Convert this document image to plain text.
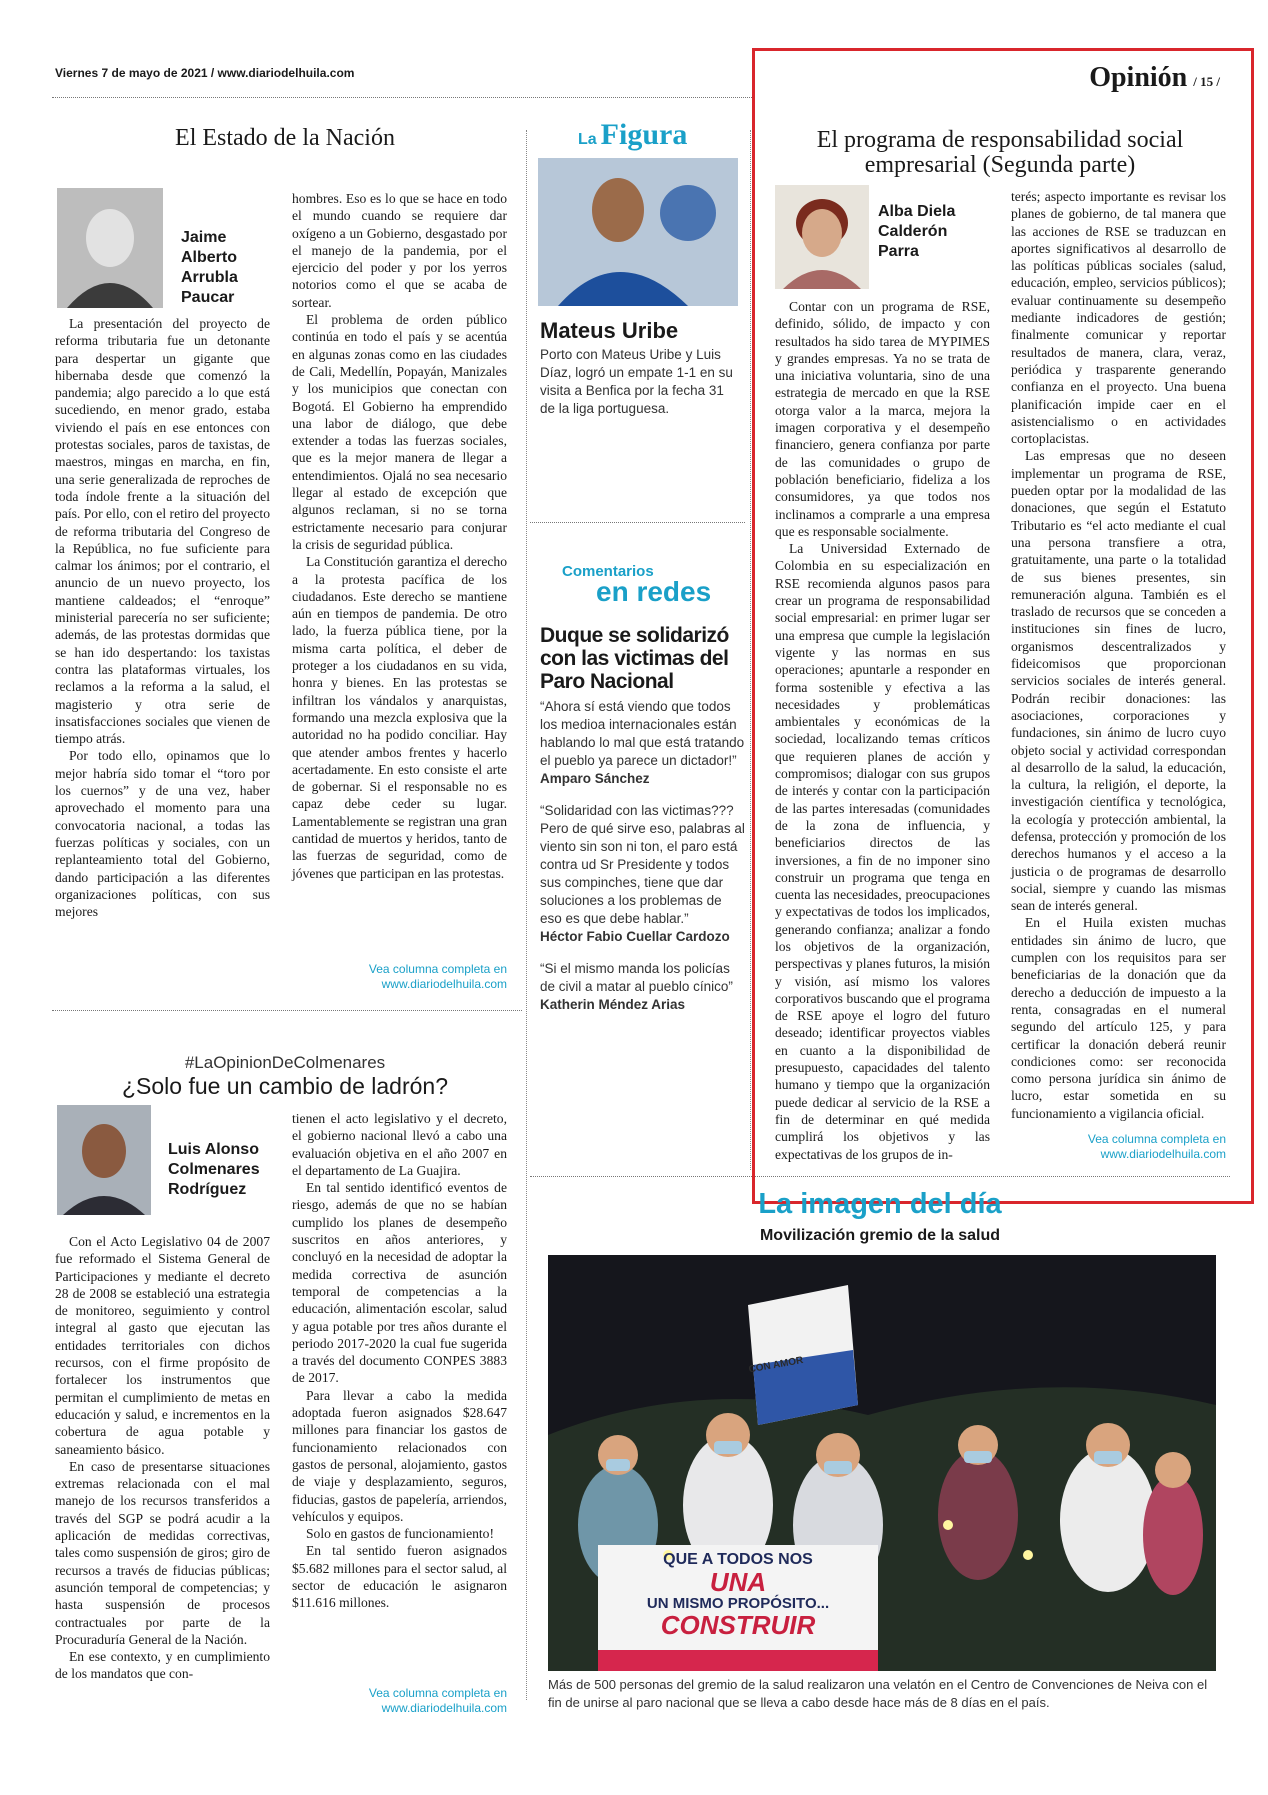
Viernes 7 de mayo de 2021 / www.diariodelhuila.com	Opinión / 15 /
El Estado de la Nación
Jaime
Alberto
Arrubla
Paucar

La presentación del proyecto de reforma tributaria fue un detonante para despertar un gigante que hibernaba desde que comenzó la pandemia; algo parecido a lo que está sucediendo, en menor grado, estaba viviendo el país en ese entonces con protestas sociales, paros de taxistas, de maestros, mingas en marcha, en fin, una serie generalizada de reproches de toda índole frente a la situación del país. Por ello, con el retiro del proyecto de reforma tributaria del Congreso de la República, no fue suficiente para calmar los ánimos; por el contrario, el anuncio de un nuevo proyecto, los mantiene caldeados; el “enroque” ministerial parecería no ser suficiente; además, de las protestas dormidas que se han ido despertando: los taxistas contra las plataformas virtuales, los reclamos a la reforma a la salud, el magisterio y otra serie de insatisfacciones sociales que vienen de tiempo atrás.

Por todo ello, opinamos que lo mejor habría sido tomar el “toro por los cuernos” y de una vez, haber aprovechado el momento para una convocatoria nacional, a todas las fuerzas políticas y sociales, con un replanteamiento total del Gobierno, dando participación a las diferentes organizaciones políticas, con sus mejores

hombres. Eso es lo que se hace en todo el mundo cuando se requiere dar oxígeno a un Gobierno, desgastado por el manejo de la pandemia, por el ejercicio del poder y por los yerros notorios como el que se acaba de sortear.

El problema de orden público continúa en todo el país y se acentúa en algunas zonas como en las ciudades de Cali, Medellín, Popayán, Manizales y los municipios que conectan con Bogotá. El Gobierno ha emprendido una labor de diálogo, que debe extender a todas las fuerzas sociales, que es la mejor manera de llegar a entendimientos. Ojalá no sea necesario llegar al estado de excepción que algunos reclaman, si no se torna estrictamente necesario para conjurar la crisis de seguridad pública.

La Constitución garantiza el derecho a la protesta pacífica de los ciudadanos. Este derecho se mantiene aún en tiempos de pandemia. De otro lado, la fuerza pública tiene, por la misma carta política, el deber de proteger a los ciudadanos en su vida, honra y bienes. En las protestas se infiltran los vándalos y anarquistas, formando una mezcla explosiva que la autoridad no ha podido conciliar. Hay que atender ambos frentes y hacerlo acertadamente. En esto consiste el arte de gobernar. Si el responsable no es capaz debe ceder su lugar. Lamentablemente se registran una gran cantidad de muertos y heridos, tanto de las fuerzas de seguridad, como de jóvenes que participan en las protestas.

Vea columna completa en
www.diariodelhuila.com
La Figura
Mateus Uribe
Porto con Mateus Uribe y Luis Díaz, logró un empate 1-1 en su visita a Benfica por la fecha 31 de la liga portuguesa.
Comentarios
en redes
Duque se solidarizó con las victimas del Paro Nacional
“Ahora sí está viendo que todos los medioa internacionales están hablando lo mal que está tratando el pueblo ya parece un dictador!”
Amparo Sánchez
“Solidaridad con las victimas??? Pero de qué sirve eso, palabras al viento sin son ni ton, el paro está contra ud Sr Presidente y todos sus compinches, tiene que dar soluciones a los problemas de eso es que debe hablar.”
Héctor Fabio Cuellar Cardozo
“Si el mismo manda los policías de civil a matar al pueblo cínico”
Katherin Méndez Arias
El programa de responsabilidad social empresarial (Segunda parte)
Alba Diela
Calderón
Parra

Contar con un programa de RSE, definido, sólido, de impacto y con resultados ha sido tarea de MYPIMES y grandes empresas. Ya no se trata de una iniciativa voluntaria, sino de una estrategia de mercado en que la RSE otorga valor a la marca, mejora la imagen corporativa y el desempeño financiero, genera confianza por parte de las comunidades o grupo de población beneficiario, fideliza a los consumidores, ya que todos nos inclinamos a comprarle a una empresa que es responsable socialmente.

La Universidad Externado de Colombia en su especialización en RSE recomienda algunos pasos para crear un programa de responsabilidad social empresarial: en primer lugar ser una empresa que cumple la legislación vigente y las normas en sus operaciones; apuntarle a responder en forma sostenible y efectiva a las necesidades y problemáticas ambientales y económicas de la sociedad, localizando temas críticos que requieren planes de acción y compromisos; dialogar con sus grupos de interés y contar con la participación de las partes interesadas (comunidades de la zona de influencia, y beneficiarios directos de las inversiones, a fin de no imponer sino construir un programa que tenga en cuenta las necesidades, preocupaciones y expectativas de todos los implicados, generando confianza; analizar a fondo los objetivos de la organización, perspectivas y planes futuros, la misión y visión, así mismo los valores corporativos buscando que el programa de RSE apoye el logro del futuro deseado; identificar proyectos viables en cuanto a la disponibilidad de presupuesto, capacidades del talento humano y tiempo que la organización puede dedicar al servicio de la RSE a fin de determinar en qué medida cumplirá los objetivos y las expectativas de los grupos de in-

terés; aspecto importante es revisar los planes de gobierno, de tal manera que las acciones de RSE se traduzcan en aportes significativos al desarrollo de las políticas públicas sociales (salud, educación, empleo, servicios públicos); evaluar continuamente su desempeño mediante indicadores de gestión; finalmente comunicar y reportar resultados de manera, clara, veraz, periódica y trasparente generando confianza en el proyecto. Una buena planificación impide caer en el asistencialismo o en actividades cortoplacistas.

Las empresas que no deseen implementar un programa de RSE, pueden optar por la modalidad de las donaciones, que según el Estatuto Tributario es “el acto mediante el cual una persona transfiere a otra, gratuitamente, una parte o la totalidad de sus bienes presentes, sin remuneración alguna. También es el traslado de recursos que se conceden a instituciones sin fines de lucro, organismos descentralizados y fideicomisos que proporcionan servicios sociales de interés general. Podrán recibir donaciones: las asociaciones, corporaciones y fundaciones, sin ánimo de lucro cuyo objeto social y actividad correspondan al desarrollo de la salud, la educación, la cultura, la religión, el deporte, la investigación científica y tecnológica, la ecología y protección ambiental, la defensa, protección y promoción de los derechos humanos y el acceso a la justicia o de programas de desarrollo social, siempre y cuando las mismas sean de interés general.

En el Huila existen muchas entidades sin ánimo de lucro, que cumplen con los requisitos para ser beneficiarias de la donación que da derecho a deducción de impuesto a la renta, consagradas en el numeral segundo del artículo 125, y para certificar la donación deberá reunir condiciones como: ser reconocida como persona jurídica sin ánimo de lucro, estar sometida en su funcionamiento a vigilancia oficial.

Vea columna completa en
www.diariodelhuila.com
#LaOpinionDeColmenares
¿Solo fue un cambio de ladrón?
Luis Alonso
Colmenares
Rodríguez

Con el Acto Legislativo 04 de 2007 fue reformado el Sistema General de Participaciones y mediante el decreto 28 de 2008 se estableció una estrategia de monitoreo, seguimiento y control integral al gasto que ejecutan las entidades territoriales con dichos recursos, con el firme propósito de fortalecer los instrumentos que permitan el cumplimiento de metas en educación y salud, e incrementos en la cobertura de agua potable y saneamiento básico.

En caso de presentarse situaciones extremas relacionada con el mal manejo de los recursos transferidos a través del SGP se podrá acudir a la aplicación de medidas correctivas, tales como suspensión de giros; giro de recursos a través de fiducias públicas; asunción temporal de competencias; y hasta suspensión de procesos contractuales por parte de la Procuraduría General de la Nación.

En ese contexto, y en cumplimiento de los mandatos que con-

tienen el acto legislativo y el decreto, el gobierno nacional llevó a cabo una evaluación objetiva en el año 2007 en el departamento de La Guajira.

En tal sentido identificó eventos de riesgo, además de que no se habían cumplido los planes de desempeño suscritos en años anteriores, y concluyó en la necesidad de adoptar la medida correctiva de asunción temporal de competencias a la educación, alimentación escolar, salud y agua potable por tres años durante el periodo 2017-2020 la cual fue sugerida a través del documento CONPES 3883 de 2017.

Para llevar a cabo la medida adoptada fueron asignados $28.647 millones para financiar los gastos de funcionamiento relacionados con gastos de personal, alojamiento, gastos de viaje y desplazamiento, seguros, fiducias, gastos de papelería, arriendos, vehículos y equipos.

Solo en gastos de funcionamiento!

En tal sentido fueron asignados $5.682 millones para el sector salud, al sector de educación le asignaron $11.616 millones.

Vea columna completa en
www.diariodelhuila.com
La imagen del día
Movilización gremio de la salud
CON AMOR
QUE A TODOS NOS
UNA
UN MISMO PROPÓSITO...
CONSTRUIR
Más de 500 personas del gremio de la salud realizaron una velatón en el Centro de Convenciones de Neiva con el fin de unirse al paro nacional que se lleva a cabo desde hace más de 8 días en el país.
